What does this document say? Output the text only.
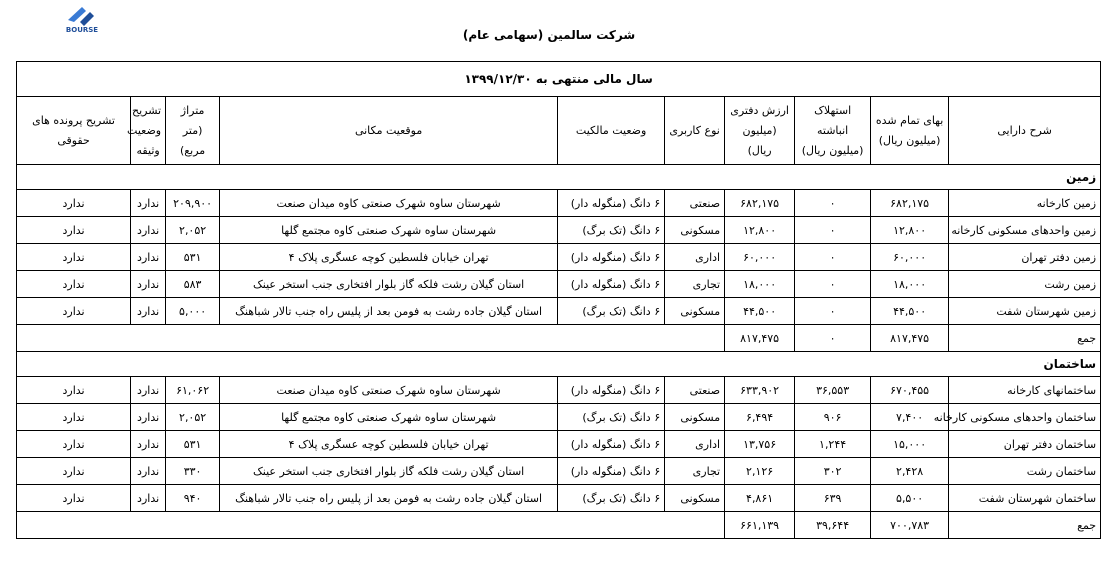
BOURSE	شرکت سالمین (سهامی عام)
سال مالی منتهی به ۱۳۹۹/۱۲/۳۰									
شرح دارایی	بهای تمام شده (میلیون ریال)	استهلاک انباشته (میلیون ریال)	ارزش دفتری (میلیون ریال)	نوع کاربری	وضعیت مالکیت	موقعیت مکانی	متراژ (متر مربع)	تشریح وضعیت وثیقه	تشریح پرونده های حقوقی
زمین									
زمین کارخانه	۶۸۲,۱۷۵	۰	۶۸۲,۱۷۵	صنعتی	۶ دانگ (منگوله دار)	شهرستان ساوه شهرک صنعتی کاوه میدان صنعت	۲۰۹,۹۰۰	ندارد	ندارد
زمین واحدهای مسکونی کارخانه	۱۲,۸۰۰	۰	۱۲,۸۰۰	مسکونی	۶ دانگ (تک برگ)	شهرستان ساوه شهرک صنعتی کاوه مجتمع گلها	۲,۰۵۲	ندارد	ندارد
زمین دفتر تهران	۶۰,۰۰۰	۰	۶۰,۰۰۰	اداری	۶ دانگ (منگوله دار)	تهران خیابان فلسطین کوچه عسگری پلاک ۴	۵۳۱	ندارد	ندارد
زمین رشت	۱۸,۰۰۰	۰	۱۸,۰۰۰	تجاری	۶ دانگ (منگوله دار)	استان گیلان رشت فلکه گاز بلوار افتخاری جنب استخر عینک	۵۸۳	ندارد	ندارد
زمین شهرستان شفت	۴۴,۵۰۰	۰	۴۴,۵۰۰	مسکونی	۶ دانگ (تک برگ)	استان گیلان جاده رشت به فومن بعد از پلیس راه جنب تالار شباهنگ	۵,۰۰۰	ندارد	ندارد
جمع	۸۱۷,۴۷۵	۰	۸۱۷,۴۷۵						
ساختمان									
ساختمانهای کارخانه	۶۷۰,۴۵۵	۳۶,۵۵۳	۶۳۳,۹۰۲	صنعتی	۶ دانگ (منگوله دار)	شهرستان ساوه شهرک صنعتی کاوه میدان صنعت	۶۱,۰۶۲	ندارد	ندارد
ساختمان واحدهای مسکونی کارخانه	۷,۴۰۰	۹۰۶	۶,۴۹۴	مسکونی	۶ دانگ (تک برگ)	شهرستان ساوه شهرک صنعتی کاوه مجتمع گلها	۲,۰۵۲	ندارد	ندارد
ساختمان دفتر تهران	۱۵,۰۰۰	۱,۲۴۴	۱۳,۷۵۶	اداری	۶ دانگ (منگوله دار)	تهران خیابان فلسطین کوچه عسگری پلاک ۴	۵۳۱	ندارد	ندارد
ساختمان رشت	۲,۴۲۸	۳۰۲	۲,۱۲۶	تجاری	۶ دانگ (منگوله دار)	استان گیلان رشت فلکه گاز بلوار افتخاری جنب استخر عینک	۳۳۰	ندارد	ندارد
ساختمان شهرستان شفت	۵,۵۰۰	۶۳۹	۴,۸۶۱	مسکونی	۶ دانگ (تک برگ)	استان گیلان جاده رشت به فومن بعد از پلیس راه جنب تالار شباهنگ	۹۴۰	ندارد	ندارد
جمع	۷۰۰,۷۸۳	۳۹,۶۴۴	۶۶۱,۱۳۹						
